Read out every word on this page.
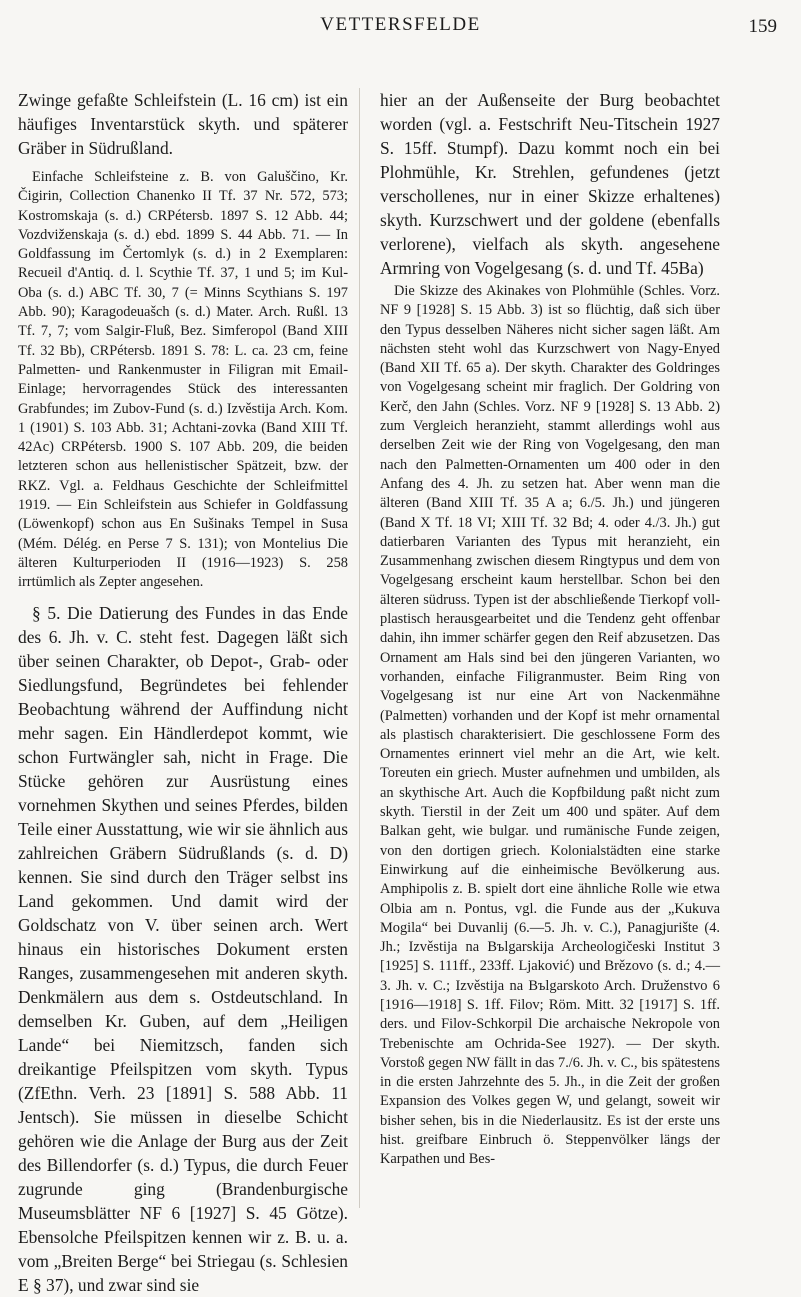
VETTERSFELDE	159

Zwinge gefaßte Schleifstein (L. 16 cm) ist ein häufiges Inventarstück skyth. und späterer Gräber in Südrußland.

Einfache Schleifsteine z. B. von Galuščino, Kr. Čigirin, Collection Chanenko II Tf. 37 Nr. 572, 573; Kostromskaja (s. d.) CRPétersb. 1897 S. 12 Abb. 44; Vozdviženskaja (s. d.) ebd. 1899 S. 44 Abb. 71. — In Goldfassung im Čertomlyk (s. d.) in 2 Exemplaren: Recueil d'Antiq. d. l. Scythie Tf. 37, 1 und 5; im Kul-Oba (s. d.) ABC Tf. 30, 7 (= Minns Scythians S. 197 Abb. 90); Karagodeuašch (s. d.) Mater. Arch. Rußl. 13 Tf. 7, 7; vom Salgir-Fluß, Bez. Simferopol (Band XIII Tf. 32 Bb), CRPétersb. 1891 S. 78: L. ca. 23 cm, feine Palmetten- und Rankenmuster in Filigran mit Email-Einlage; hervorragendes Stück des interessanten Grabfundes; im Zubov-Fund (s. d.) Izvěstija Arch. Kom. 1 (1901) S. 103 Abb. 31; Achtani-zovka (Band XIII Tf. 42Ac) CRPétersb. 1900 S. 107 Abb. 209, die beiden letzteren schon aus hellenistischer Spätzeit, bzw. der RKZ. Vgl. a. Feldhaus Geschichte der Schleifmittel 1919. — Ein Schleifstein aus Schiefer in Goldfassung (Löwenkopf) schon aus En Sušinaks Tempel in Susa (Mém. Délég. en Perse 7 S. 131); von Montelius Die älteren Kulturperioden II (1916—1923) S. 258 irrtümlich als Zepter angesehen.

§ 5. Die Datierung des Fundes in das Ende des 6. Jh. v. C. steht fest. Dagegen läßt sich über seinen Charakter, ob Depot-, Grab- oder Siedlungsfund, Begründetes bei fehlender Beobachtung während der Auffindung nicht mehr sagen. Ein Händlerdepot kommt, wie schon Furtwängler sah, nicht in Frage. Die Stücke gehören zur Ausrüstung eines vornehmen Skythen und seines Pferdes, bilden Teile einer Ausstattung, wie wir sie ähnlich aus zahlreichen Gräbern Südrußlands (s. d. D) kennen. Sie sind durch den Träger selbst ins Land gekommen. Und damit wird der Goldschatz von V. über seinen arch. Wert hinaus ein historisches Dokument ersten Ranges, zusammengesehen mit anderen skyth. Denkmälern aus dem s. Ostdeutschland. In demselben Kr. Guben, auf dem „Heiligen Lande“ bei Niemitzsch, fanden sich dreikantige Pfeilspitzen vom skyth. Typus (ZfEthn. Verh. 23 [1891] S. 588 Abb. 11 Jentsch). Sie müssen in dieselbe Schicht gehören wie die Anlage der Burg aus der Zeit des Billendorfer (s. d.) Typus, die durch Feuer zugrunde ging (Brandenburgische Museumsblätter NF 6 [1927] S. 45 Götze). Ebensolche Pfeilspitzen kennen wir z. B. u. a. vom „Breiten Berge“ bei Striegau (s. Schlesien E § 37), und zwar sind sie

hier an der Außenseite der Burg beobachtet worden (vgl. a. Festschrift Neu-Titschein 1927 S. 15ff. Stumpf). Dazu kommt noch ein bei Plohmühle, Kr. Strehlen, gefundenes (jetzt verschollenes, nur in einer Skizze erhaltenes) skyth. Kurzschwert und der goldene (ebenfalls verlorene), vielfach als skyth. angesehene Armring von Vogelgesang (s. d. und Tf. 45Ba)

Die Skizze des Akinakes von Plohmühle (Schles. Vorz. NF 9 [1928] S. 15 Abb. 3) ist so flüchtig, daß sich über den Typus desselben Näheres nicht sicher sagen läßt. Am nächsten steht wohl das Kurzschwert von Nagy-Enyed (Band XII Tf. 65 a). Der skyth. Charakter des Goldringes von Vogelgesang scheint mir fraglich. Der Goldring von Kerč, den Jahn (Schles. Vorz. NF 9 [1928] S. 13 Abb. 2) zum Vergleich heranzieht, stammt allerdings wohl aus derselben Zeit wie der Ring von Vogelgesang, den man nach den Palmetten-Ornamenten um 400 oder in den Anfang des 4. Jh. zu setzen hat. Aber wenn man die älteren (Band XIII Tf. 35 A a; 6./5. Jh.) und jüngeren (Band X Tf. 18 VI; XIII Tf. 32 Bd; 4. oder 4./3. Jh.) gut datierbaren Varianten des Typus mit heranzieht, ein Zusammenhang zwischen diesem Ringtypus und dem von Vogelgesang erscheint kaum herstellbar. Schon bei den älteren südruss. Typen ist der abschließende Tierkopf voll-plastisch herausgearbeitet und die Tendenz geht offenbar dahin, ihn immer schärfer gegen den Reif abzusetzen. Das Ornament am Hals sind bei den jüngeren Varianten, wo vorhanden, einfache Filigranmuster. Beim Ring von Vogelgesang ist nur eine Art von Nackenmähne (Palmetten) vorhanden und der Kopf ist mehr ornamental als plastisch charakterisiert. Die geschlossene Form des Ornamentes erinnert viel mehr an die Art, wie kelt. Toreuten ein griech. Muster aufnehmen und umbilden, als an skythische Art. Auch die Kopfbildung paßt nicht zum skyth. Tierstil in der Zeit um 400 und später. Auf dem Balkan geht, wie bulgar. und rumänische Funde zeigen, von den dortigen griech. Kolonialstädten eine starke Einwirkung auf die einheimische Bevölkerung aus. Amphipolis z. B. spielt dort eine ähnliche Rolle wie etwa Olbia am n. Pontus, vgl. die Funde aus der „Kukuva Mogila“ bei Duvanlij (6.—5. Jh. v. C.), Panagjurište (4. Jh.; Izvěstija na Bъlgarskija Archeologičeski Institut 3 [1925] S. 111ff., 233ff. Ljaković) und Brězovo (s. d.; 4.—3. Jh. v. C.; Izvěstija na Bъlgarskoto Arch. Druženstvo 6 [1916—1918] S. 1ff. Filov; Röm. Mitt. 32 [1917] S. 1ff. ders. und Filov-Schkorpil Die archaische Nekropole von Trebenischte am Ochrida-See 1927). — Der skyth. Vorstoß gegen NW fällt in das 7./6. Jh. v. C., bis spätestens in die ersten Jahrzehnte des 5. Jh., in die Zeit der großen Expansion des Volkes gegen W, und gelangt, soweit wir bisher sehen, bis in die Niederlausitz. Es ist der erste uns hist. greifbare Einbruch ö. Steppenvölker längs der Karpathen und Bes-
